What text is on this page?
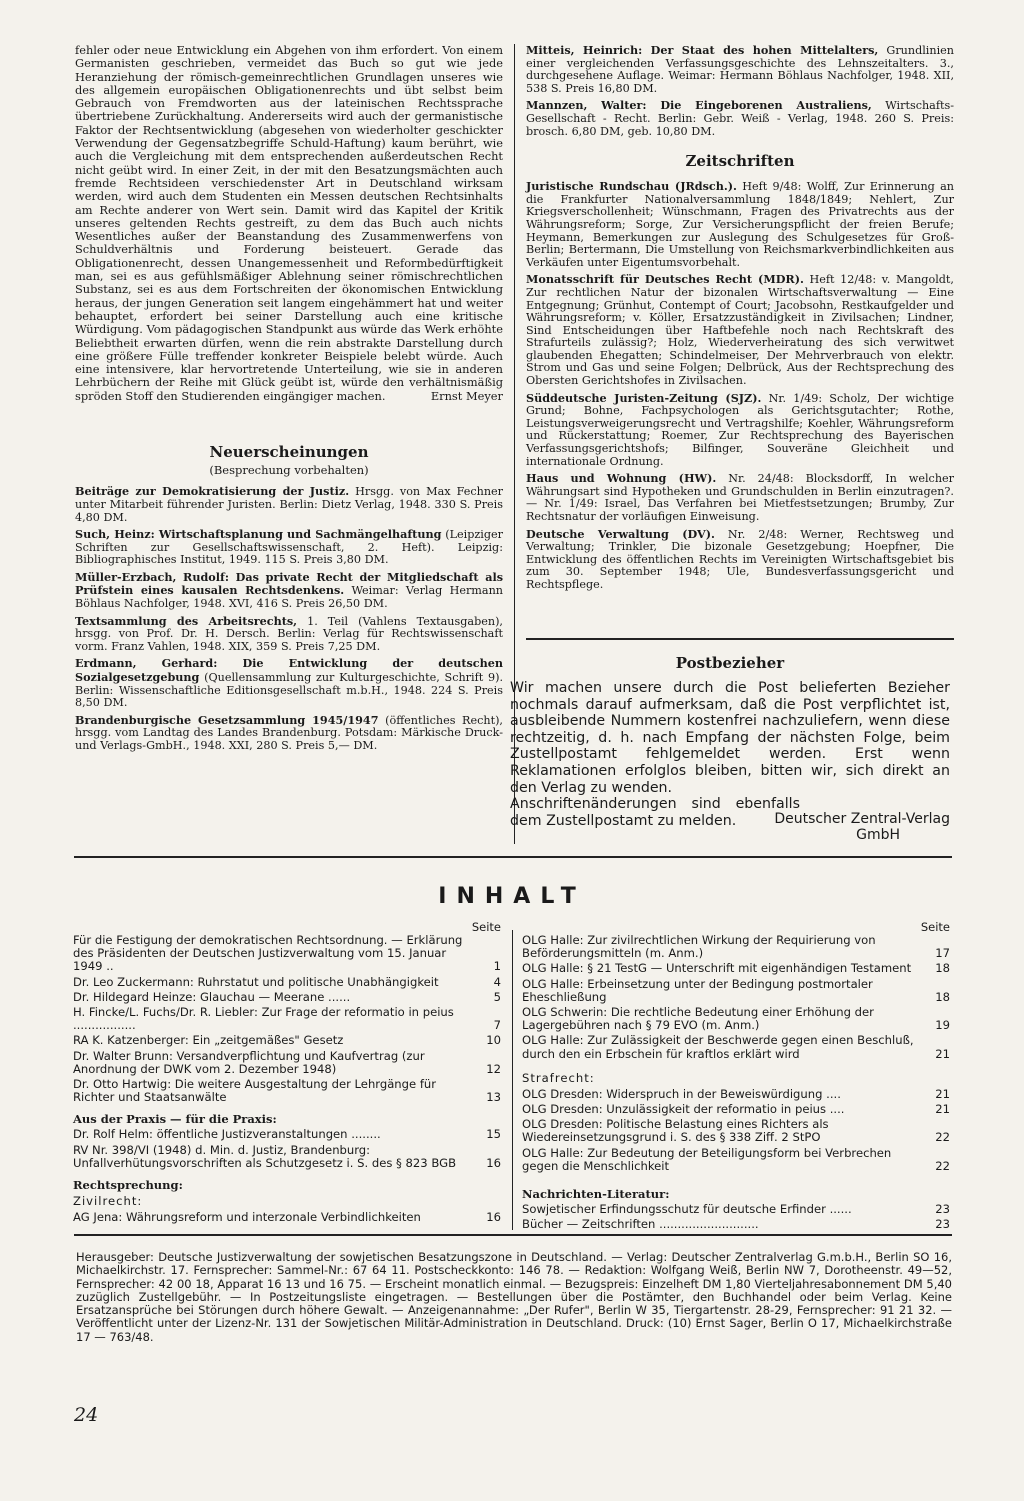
fehler oder neue Entwicklung ein Abgehen von ihm erfordert. Von einem Germanisten geschrieben, vermeidet das Buch so gut wie jede Heranziehung der römisch-gemeinrechtlichen Grundlagen unseres wie des allgemein europäischen Obligationenrechts und übt selbst beim Gebrauch von Fremdworten aus der lateinischen Rechtssprache übertriebene Zurückhaltung. Andererseits wird auch der germanistische Faktor der Rechtsentwicklung (abgesehen von wiederholter geschickter Verwendung der Gegensatzbegriffe Schuld-Haftung) kaum berührt, wie auch die Vergleichung mit dem entsprechenden außerdeutschen Recht nicht geübt wird. In einer Zeit, in der mit den Besatzungsmächten auch fremde Rechtsideen verschiedenster Art in Deutschland wirksam werden, wird auch dem Studenten ein Messen deutschen Rechtsinhalts am Rechte anderer von Wert sein. Damit wird das Kapitel der Kritik unseres geltenden Rechts gestreift, zu dem das Buch auch nichts Wesentliches außer der Beanstandung des Zusammenwerfens von Schuldverhältnis und Forderung beisteuert. Gerade das Obligationenrecht, dessen Unangemessenheit und Reformbedürftigkeit man, sei es aus gefühlsmäßiger Ablehnung seiner römischrechtlichen Substanz, sei es aus dem Fortschreiten der ökonomischen Entwicklung heraus, der jungen Generation seit langem eingehämmert hat und weiter behauptet, erfordert bei seiner Darstellung auch eine kritische Würdigung. Vom pädagogischen Standpunkt aus würde das Werk erhöhte Beliebtheit erwarten dürfen, wenn die rein abstrakte Darstellung durch eine größere Fülle treffender konkreter Beispiele belebt würde. Auch eine intensivere, klar hervortretende Unterteilung, wie sie in anderen Lehrbüchern der Reihe mit Glück geübt ist, würde den verhältnismäßig spröden Stoff den Studierenden eingängiger machen.	Ernst Meyer
Neuerscheinungen
(Besprechung vorbehalten)

Beiträge zur Demokratisierung der Justiz. Hrsgg. von Max Fechner unter Mitarbeit führender Juristen. Berlin: Dietz Verlag, 1948. 330 S. Preis 4,80 DM.

Such, Heinz: Wirtschaftsplanung und Sachmängelhaftung (Leipziger Schriften zur Gesellschaftswissenschaft, 2. Heft). Leipzig: Bibliographisches Institut, 1949. 115 S. Preis 3,80 DM.

Müller-Erzbach, Rudolf: Das private Recht der Mitgliedschaft als Prüfstein eines kausalen Rechtsdenkens. Weimar: Verlag Hermann Böhlaus Nachfolger, 1948. XVI, 416 S. Preis 26,50 DM.

Textsammlung des Arbeitsrechts, 1. Teil (Vahlens Textausgaben), hrsgg. von Prof. Dr. H. Dersch. Berlin: Verlag für Rechtswissenschaft vorm. Franz Vahlen, 1948. XIX, 359 S. Preis 7,25 DM.

Erdmann, Gerhard: Die Entwicklung der deutschen Sozialgesetzgebung (Quellensammlung zur Kulturgeschichte, Schrift 9). Berlin: Wissenschaftliche Editionsgesellschaft m.b.H., 1948. 224 S. Preis 8,50 DM.

Brandenburgische Gesetzsammlung 1945/1947 (öffentliches Recht), hrsgg. vom Landtag des Landes Brandenburg. Potsdam: Märkische Druck- und Verlags-GmbH., 1948. XXI, 280 S. Preis 5,— DM.

Mitteis, Heinrich: Der Staat des hohen Mittelalters, Grundlinien einer vergleichenden Verfassungsgeschichte des Lehnszeitalters. 3., durchgesehene Auflage. Weimar: Hermann Böhlaus Nachfolger, 1948. XII, 538 S. Preis 16,80 DM.

Mannzen, Walter: Die Eingeborenen Australiens, Wirtschafts-Gesellschaft - Recht. Berlin: Gebr. Weiß - Verlag, 1948. 260 S. Preis: brosch. 6,80 DM, geb. 10,80 DM.

Zeitschriften

Juristische Rundschau (JRdsch.). Heft 9/48: Wolff, Zur Erinnerung an die Frankfurter Nationalversammlung 1848/1849; Nehlert, Zur Kriegsverschollenheit; Wünschmann, Fragen des Privatrechts aus der Währungsreform; Sorge, Zur Versicherungspflicht der freien Berufe; Heymann, Bemerkungen zur Auslegung des Schulgesetzes für Groß-Berlin; Bertermann, Die Umstellung von Reichsmarkverbindlichkeiten aus Verkäufen unter Eigentumsvorbehalt.

Monatsschrift für Deutsches Recht (MDR). Heft 12/48: v. Mangoldt, Zur rechtlichen Natur der bizonalen Wirtschaftsverwaltung — Eine Entgegnung; Grünhut, Contempt of Court; Jacobsohn, Restkaufgelder und Währungsreform; v. Köller, Ersatzzuständigkeit in Zivilsachen; Lindner, Sind Entscheidungen über Haftbefehle noch nach Rechtskraft des Strafurteils zulässig?; Holz, Wiederverheiratung des sich verwitwet glaubenden Ehegatten; Schindelmeiser, Der Mehrverbrauch von elektr. Strom und Gas und seine Folgen; Delbrück, Aus der Rechtsprechung des Obersten Gerichtshofes in Zivilsachen.

Süddeutsche Juristen-Zeitung (SJZ). Nr. 1/49: Scholz, Der wichtige Grund; Bohne, Fachpsychologen als Gerichtsgutachter; Rothe, Leistungsverweigerungsrecht und Vertragshilfe; Koehler, Währungsreform und Rückerstattung; Roemer, Zur Rechtsprechung des Bayerischen Verfassungsgerichtshofs; Bilfinger, Souveräne Gleichheit und internationale Ordnung.

Haus und Wohnung (HW). Nr. 24/48: Blocksdorff, In welcher Währungsart sind Hypotheken und Grundschulden in Berlin einzutragen?. — Nr. 1/49: Israel, Das Verfahren bei Mietfestsetzungen; Brumby, Zur Rechtsnatur der vorläufigen Einweisung.

Deutsche Verwaltung (DV). Nr. 2/48: Werner, Rechtsweg und Verwaltung; Trinkler, Die bizonale Gesetzgebung; Hoepfner, Die Entwicklung des öffentlichen Rechts im Vereinigten Wirtschaftsgebiet bis zum 30. September 1948; Ule, Bundesverfassungsgericht und Rechtspflege.

Postbezieher

Wir machen unsere durch die Post belieferten Bezieher nochmals darauf aufmerksam, daß die Post verpflichtet ist, ausbleibende Nummern kostenfrei nachzuliefern, wenn diese rechtzeitig, d. h. nach Empfang der nächsten Folge, beim Zustellpostamt fehlgemeldet werden. Erst wenn Reklamationen erfolglos bleiben, bitten wir, sich direkt an den Verlag zu wenden.

Anschriftenänderungen sind ebenfalls dem Zustellpostamt zu melden.	Deutscher Zentral-Verlag
GmbH
INHALT
Seite
Für die Festigung der demokratischen Rechtsordnung. — Erklärung des Präsidenten der Deutschen Justizverwaltung vom 15. Januar 1949 ..	1
Dr. Leo Zuckermann: Ruhrstatut und politische Unabhängigkeit	4
Dr. Hildegard Heinze: Glauchau — Meerane ......	5
H. Fincke/L. Fuchs/Dr. R. Liebler: Zur Frage der reformatio in peius .................	7
RA K. Katzenberger: Ein „zeitgemäßes" Gesetz	10
Dr. Walter Brunn: Versandverpflichtung und Kaufvertrag (zur Anordnung der DWK vom 2. Dezember 1948)	12
Dr. Otto Hartwig: Die weitere Ausgestaltung der Lehrgänge für Richter und Staatsanwälte	13
Aus der Praxis — für die Praxis:
Dr. Rolf Helm: öffentliche Justizveranstaltungen ........	15
RV Nr. 398/VI (1948) d. Min. d. Justiz, Brandenburg: Unfallverhütungsvorschriften als Schutzgesetz i. S. des § 823 BGB	16
Rechtsprechung:
Zivilrecht:
AG Jena: Währungsreform und interzonale Verbindlichkeiten	16
Seite
OLG Halle: Zur zivilrechtlichen Wirkung der Requirierung von Beförderungsmitteln (m. Anm.)	17
OLG Halle: § 21 TestG — Unterschrift mit eigenhändigen Testament	18
OLG Halle: Erbeinsetzung unter der Bedingung postmortaler Eheschließung	18
OLG Schwerin: Die rechtliche Bedeutung einer Erhöhung der Lagergebühren nach § 79 EVO (m. Anm.)	19
OLG Halle: Zur Zulässigkeit der Beschwerde gegen einen Beschluß, durch den ein Erbschein für kraftlos erklärt wird	21
Strafrecht:
OLG Dresden: Widerspruch in der Beweiswürdigung ....	21
OLG Dresden: Unzulässigkeit der reformatio in peius ....	21
OLG Dresden: Politische Belastung eines Richters als Wiedereinsetzungsgrund i. S. des § 338 Ziff. 2 StPO	22
OLG Halle: Zur Bedeutung der Beteiligungsform bei Verbrechen gegen die Menschlichkeit	22
Nachrichten-Literatur:
Sowjetischer Erfindungsschutz für deutsche Erfinder ......	23
Bücher — Zeitschriften ...........................	23

Herausgeber: Deutsche Justizverwaltung der sowjetischen Besatzungszone in Deutschland. — Verlag: Deutscher Zentralverlag G.m.b.H., Berlin SO 16, Michaelkirchstr. 17. Fernsprecher: Sammel-Nr.: 67 64 11. Postscheckkonto: 146 78. — Redaktion: Wolfgang Weiß, Berlin NW 7, Dorotheenstr. 49—52, Fernsprecher: 42 00 18, Apparat 16 13 und 16 75. — Erscheint monatlich einmal. — Bezugspreis: Einzelheft DM 1,80 Vierteljahresabonnement DM 5,40 zuzüglich Zustellgebühr. — In Postzeitungsliste eingetragen. — Bestellungen über die Postämter, den Buchhandel oder beim Verlag. Keine Ersatzansprüche bei Störungen durch höhere Gewalt. — Anzeigenannahme: „Der Rufer", Berlin W 35, Tiergartenstr. 28-29, Fernsprecher: 91 21 32. — Veröffentlicht unter der Lizenz-Nr. 131 der Sowjetischen Militär-Administration in Deutschland. Druck: (10) Ernst Sager, Berlin O 17, Michaelkirchstraße 17 — 763/48.

24
